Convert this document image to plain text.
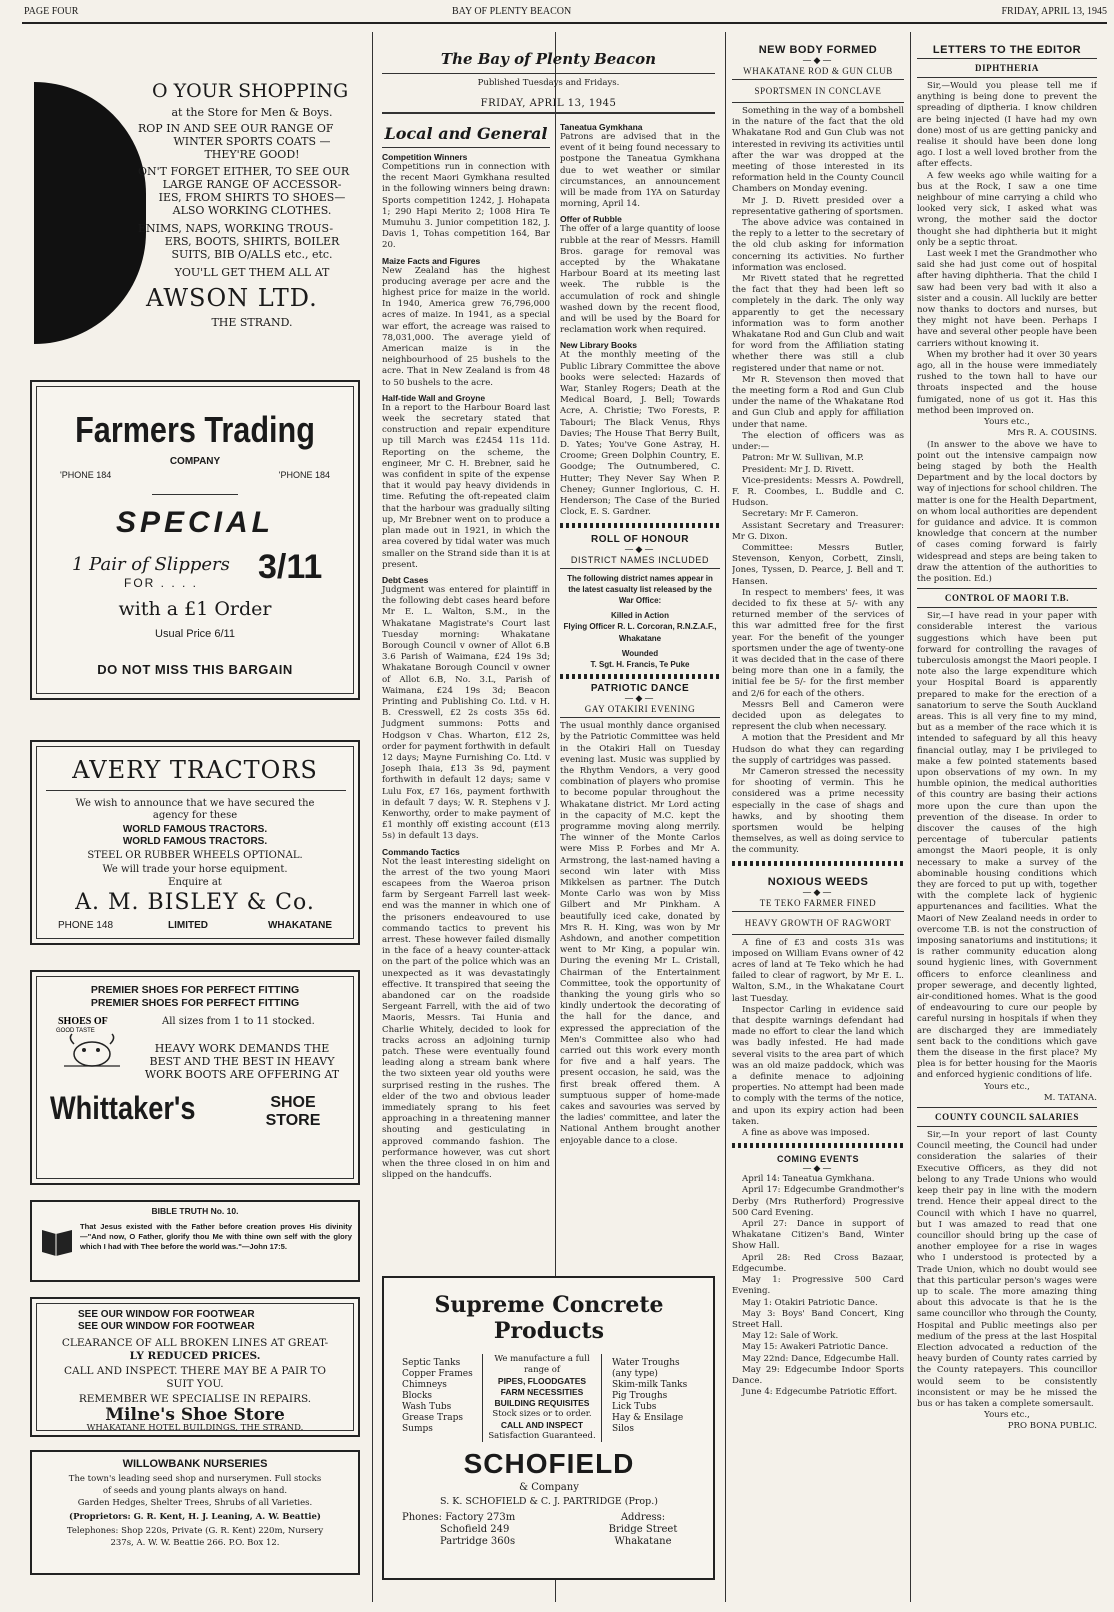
PAGE FOUR	BAY OF PLENTY BEACON	FRIDAY, APRIL 13, 1945
O YOUR SHOPPING
at the Store for Men & Boys.
ROP IN AND SEE OUR RANGE OF
WINTER SPORTS COATS —
THEY'RE GOOD!
ON'T FORGET EITHER, TO SEE OUR
LARGE RANGE OF ACCESSOR-
IES, FROM SHIRTS TO SHOES—
ALSO WORKING CLOTHES.
ENIMS, NAPS, WORKING TROUS-
ERS, BOOTS, SHIRTS, BOILER
SUITS, BIB O/ALLS etc., etc.
YOU'LL GET THEM ALL AT
AWSON LTD.
THE STRAND.
Farmers Trading
COMPANY
'PHONE 184	'PHONE 184
SPECIAL
1 Pair of Slippers
FOR . . . . 3/11
with a £1 Order
Usual Price 6/11
DO NOT MISS THIS BARGAIN
AVERY TRACTORS
We wish to announce that we have secured the
agency for these
WORLD FAMOUS TRACTORS.
WORLD FAMOUS TRACTORS.
STEEL OR RUBBER WHEELS OPTIONAL.
We will trade your horse equipment.
Enquire at
A. M. BISLEY & Co.
PHONE 148	LIMITED	WHAKATANE
PREMIER SHOES FOR PERFECT FITTING
PREMIER SHOES FOR PERFECT FITTING
SHOES OF
GOOD TASTE
All sizes from 1 to 11 stocked.
HEAVY WORK DEMANDS THE
BEST AND THE BEST IN HEAVY
WORK BOOTS ARE OFFERING AT
Whittaker's	SHOE
STORE
BIBLE TRUTH No. 10.
That Jesus existed with the Father before creation proves His divinity—"And now, O Father, glorify thou Me with thine own self with the glory which I had with Thee before the world was."—John 17:5.
SEE OUR WINDOW FOR FOOTWEAR
SEE OUR WINDOW FOR FOOTWEAR
CLEARANCE OF ALL BROKEN LINES AT GREAT-
LY REDUCED PRICES.
CALL AND INSPECT. THERE MAY BE A PAIR TO
SUIT YOU.
REMEMBER WE SPECIALISE IN REPAIRS.
Milne's Shoe Store
WHAKATANE HOTEL BUILDINGS, THE STRAND.
WILLOWBANK NURSERIES
The town's leading seed shop and nurserymen. Full stocks
of seeds and young plants always on hand.
Garden Hedges, Shelter Trees, Shrubs of all Varieties.
(Proprietors: G. R. Kent, H. J. Leaning, A. W. Beattie)
Telephones: Shop 220s, Private (G. R. Kent) 220m, Nursery
237s, A. W. W. Beattie 266. P.O. Box 12.
The Bay of Plenty Beacon
Published Tuesdays and Fridays.
FRIDAY, APRIL 13, 1945
Local and General
Competition Winners
Competitions run in connection with the recent Maori Gymkhana resulted in the following winners being drawn: Sports competition 1242, J. Hohapata 1; 290 Hapi Merito 2; 1008 Hira Te Mumuhu 3. Junior competition 182, J. Davis 1, Tohas competition 164, Bar 20.
Maize Facts and Figures
New Zealand has the highest producing average per acre and the highest price for maize in the world. In 1940, America grew 76,796,000 acres of maize. In 1941, as a special war effort, the acreage was raised to 78,031,000. The average yield of American maize is in the neighbourhood of 25 bushels to the acre. That in New Zealand is from 48 to 50 bushels to the acre.
Half-tide Wall and Groyne
In a report to the Harbour Board last week the secretary stated that construction and repair expenditure up till March was £2454 11s 11d. Reporting on the scheme, the engineer, Mr C. H. Brebner, said he was confident in spite of the expense that it would pay heavy dividends in time. Refuting the oft-repeated claim that the harbour was gradually silting up, Mr Brebner went on to produce a plan made out in 1921, in which the area covered by tidal water was much smaller on the Strand side than it is at present.
Debt Cases
Judgment was entered for plaintiff in the following debt cases heard before Mr E. L. Walton, S.M., in the Whakatane Magistrate's Court last Tuesday morning: Whakatane Borough Council v owner of Allot 6.B 3.6 Parish of Waimana, £24 19s 3d; Whakatane Borough Council v owner of Allot 6.B, No. 3.L, Parish of Waimana, £24 19s 3d; Beacon Printing and Publishing Co. Ltd. v H. B. Cresswell, £2 2s costs 35s 6d. Judgment summons: Potts and Hodgson v Chas. Wharton, £12 2s, order for payment forthwith in default 12 days; Mayne Furnishing Co. Ltd. v Joseph Ihaia, £13 3s 9d, payment forthwith in default 12 days; same v Lulu Fox, £7 16s, payment forthwith in default 7 days; W. R. Stephens v J. Kenworthy, order to make payment of £1 monthly off existing account (£13 5s) in default 13 days.
Commando Tactics
Not the least interesting sidelight on the arrest of the two young Maori escapees from the Waeroa prison farm by Sergeant Farrell last week-end was the manner in which one of the prisoners endeavoured to use commando tactics to prevent his arrest. These however failed dismally in the face of a heavy counter-attack on the part of the police which was an unexpected as it was devastatingly effective. It transpired that seeing the abandoned car on the roadside Sergeant Farrell, with the aid of two Maoris, Messrs. Tai Hunia and Charlie Whitely, decided to look for tracks across an adjoining turnip patch. These were eventually found leading along a stream bank where the two sixteen year old youths were surprised resting in the rushes. The elder of the two and obvious leader immediately sprang to his feet approaching in a threatening manner shouting and gesticulating in approved commando fashion. The performance however, was cut short when the three closed in on him and slipped on the handcuffs.
Taneatua Gymkhana
Patrons are advised that in the event of it being found necessary to postpone the Taneatua Gymkhana due to wet weather or similar circumstances, an announcement will be made from 1YA on Saturday morning, April 14.
Offer of Rubble
The offer of a large quantity of loose rubble at the rear of Messrs. Hamill Bros. garage for removal was accepted by the Whakatane Harbour Board at its meeting last week. The rubble is the accumulation of rock and shingle washed down by the recent flood, and will be used by the Board for reclamation work when required.
New Library Books
At the monthly meeting of the Public Library Committee the above books were selected: Hazards of War, Stanley Rogers; Death at the Medical Board, J. Bell; Towards Acre, A. Christie; Two Forests, P. Tabouri; The Black Venus, Rhys Davies; The House That Berry Built, D. Yates; You've Gone Astray, H. Croome; Green Dolphin Country, E. Goodge; The Outnumbered, C. Hutter; They Never Say When P. Cheney; Gunner Inglorious, C. H. Henderson; The Case of the Buried Clock, E. S. Gardner.
ROLL OF HONOUR
—◆—
DISTRICT NAMES INCLUDED
The following district names appear in the latest casualty list released by the War Office:
Killed in Action
Flying Officer R. L. Corcoran, R.N.Z.A.F., Whakatane
Wounded
T. Sgt. H. Francis, Te Puke
PATRIOTIC DANCE
—◆—
GAY OTAKIRI EVENING
The usual monthly dance organised by the Patriotic Committee was held in the Otakiri Hall on Tuesday evening last. Music was supplied by the Rhythm Vendors, a very good combination of players who promise to become popular throughout the Whakatane district. Mr Lord acting in the capacity of M.C. kept the programme moving along merrily. The winner of the Monte Carlos were Miss P. Forbes and Mr A. Armstrong, the last-named having a second win later with Miss Mikkelsen as partner. The Dutch Monte Carlo was won by Miss Gilbert and Mr Pinkham. A beautifully iced cake, donated by Mrs R. H. King, was won by Mr Ashdown, and another competition went to Mr King, a popular win. During the evening Mr L. Cristall, Chairman of the Entertainment Committee, took the opportunity of thanking the young girls who so kindly undertook the decorating of the hall for the dance, and expressed the appreciation of the Men's Committee also who had carried out this work every month for five and a half years. The present occasion, he said, was the first break offered them. A sumptuous supper of home-made cakes and savouries was served by the ladies' committee, and later the National Anthem brought another enjoyable dance to a close.
Supreme Concrete
Products
Septic Tanks
Copper Frames
Chimneys
Blocks
Wash Tubs
Grease Traps
Sumps
We manufacture a full
range of
PIPES, FLOODGATES
FARM NECESSITIES
BUILDING REQUISITES
Stock sizes or to order.
CALL AND INSPECT
Satisfaction Guaranteed.
Water Troughs
(any type)
Skim-milk Tanks
Pig Troughs
Lick Tubs
Hay & Ensilage
Silos
SCHOFIELD
& Company
S. K. SCHOFIELD & C. J. PARTRIDGE (Prop.)
Phones: Factory 273m
Schofield 249
Partridge 360s
Address:
Bridge Street
Whakatane
NEW BODY FORMED
—◆—
WHAKATANE ROD & GUN CLUB
SPORTSMEN IN CONCLAVE
Something in the way of a bombshell in the nature of the fact that the old Whakatane Rod and Gun Club was not interested in reviving its activities until after the war was dropped at the meeting of those interested in its reformation held in the County Council Chambers on Monday evening.
Mr J. D. Rivett presided over a representative gathering of sportsmen.
The above advice was contained in the reply to a letter to the secretary of the old club asking for information concerning its activities. No further information was enclosed.
Mr Rivett stated that he regretted the fact that they had been left so completely in the dark. The only way apparently to get the necessary information was to form another Whakatane Rod and Gun Club and wait for word from the Affiliation stating whether there was still a club registered under that name or not.
Mr R. Stevenson then moved that the meeting form a Rod and Gun Club under the name of the Whakatane Rod and Gun Club and apply for affiliation under that name.
The election of officers was as under:—
Patron: Mr W. Sullivan, M.P.
President: Mr J. D. Rivett.
Vice-presidents: Messrs A. Powdrell, F. R. Coombes, L. Buddle and C. Hudson.
Secretary: Mr F. Cameron.
Assistant Secretary and Treasurer: Mr G. Dixon.
Committee: Messrs Butler, Stevenson, Kenyon, Corbett, Zinsli, Jones, Tyssen, D. Pearce, J. Bell and T. Hansen.
In respect to members' fees, it was decided to fix these at 5/- with any returned member of the services of this war admitted free for the first year. For the benefit of the younger sportsmen under the age of twenty-one it was decided that in the case of there being more than one in a family, the initial fee be 5/- for the first member and 2/6 for each of the others.
Messrs Bell and Cameron were decided upon as delegates to represent the club when necessary.
A motion that the President and Mr Hudson do what they can regarding the supply of cartridges was passed.
Mr Cameron stressed the necessity for shooting of vermin. This he considered was a prime necessity especially in the case of shags and hawks, and by shooting them sportsmen would be helping themselves, as well as doing service to the community.
NOXIOUS WEEDS
—◆—
TE TEKO FARMER FINED
HEAVY GROWTH OF RAGWORT
A fine of £3 and costs 31s was imposed on William Evans owner of 42 acres of land at Te Teko which he had failed to clear of ragwort, by Mr E. L. Walton, S.M., in the Whakatane Court last Tuesday.
Inspector Carling in evidence said that despite warnings defendant had made no effort to clear the land which was badly infested. He had made several visits to the area part of which was an old maize paddock, which was a definite menace to adjoining properties. No attempt had been made to comply with the terms of the notice, and upon its expiry action had been taken.
A fine as above was imposed.
COMING EVENTS
—◆—
April 14: Taneatua Gymkhana.
April 17: Edgecumbe Grandmother's Derby (Mrs Rutherford) Progressive 500 Card Evening.
April 27: Dance in support of Whakatane Citizen's Band, Winter Show Hall.
April 28: Red Cross Bazaar, Edgecumbe.
May 1: Progressive 500 Card Evening.
May 1: Otakiri Patriotic Dance.
May 3: Boys' Band Concert, King Street Hall.
May 12: Sale of Work.
May 15: Awakeri Patriotic Dance.
May 22nd: Dance, Edgecumbe Hall.
May 29: Edgecumbe Indoor Sports Dance.
June 4: Edgecumbe Patriotic Effort.
LETTERS TO THE EDITOR
DIPHTHERIA
Sir,—Would you please tell me if anything is being done to prevent the spreading of diptheria. I know children are being injected (I have had my own done) most of us are getting panicky and realise it should have been done long ago. I lost a well loved brother from the after effects.
A few weeks ago while waiting for a bus at the Rock, I saw a one time neighbour of mine carrying a child who looked very sick, I asked what was wrong, the mother said the doctor thought she had diphtheria but it might only be a septic throat.
Last week I met the Grandmother who said she had just come out of hospital after having diphtheria. That the child I saw had been very bad with it also a sister and a cousin. All luckily are better now thanks to doctors and nurses, but they might not have been. Perhaps I have and several other people have been carriers without knowing it.
When my brother had it over 30 years ago, all in the house were immediately rushed to the town hall to have our throats inspected and the house fumigated, none of us got it. Has this method been improved on.
Yours etc.,
Mrs R. A. COUSINS.
(In answer to the above we have to point out the intensive campaign now being staged by both the Health Department and by the local doctors by way of injections for school children. The matter is one for the Health Department, on whom local authorities are dependent for guidance and advice. It is common knowledge that concern at the number of cases coming forward is fairly widespread and steps are being taken to draw the attention of the authorities to the position. Ed.)
CONTROL OF MAORI T.B.
Sir,—I have read in your paper with considerable interest the various suggestions which have been put forward for controlling the ravages of tuberculosis amongst the Maori people. I note also the large expenditure which your Hospital Board is apparently prepared to make for the erection of a sanatorium to serve the South Auckland areas. This is all very fine to my mind, but as a member of the race which it is intended to safeguard by all this heavy financial outlay, may I be privileged to make a few pointed statements based upon observations of my own. In my humble opinion, the medical authorities of this country are basing their actions more upon the cure than upon the prevention of the disease. In order to discover the causes of the high percentage of tubercular patients amongst the Maori people, it is only necessary to make a survey of the abominable housing conditions which they are forced to put up with, together with the complete lack of hygienic appurtenances and facilities. What the Maori of New Zealand needs in order to overcome T.B. is not the construction of imposing sanatoriums and institutions; it is rather community education along sound hygienic lines, with Government officers to enforce cleanliness and proper sewerage, and decently lighted, air-conditioned homes. What is the good of endeavouring to cure our people by careful nursing in hospitals if when they are discharged they are immediately sent back to the conditions which gave them the disease in the first place? My plea is for better housing for the Maoris and enforced hygienic conditions of life.
Yours etc.,
M. TATANA.
COUNTY COUNCIL SALARIES
Sir,—In your report of last County Council meeting, the Council had under consideration the salaries of their Executive Officers, as they did not belong to any Trade Unions who would keep their pay in line with the modern trend. Hence their appeal direct to the Council with which I have no quarrel, but I was amazed to read that one councillor should bring up the case of another employee for a rise in wages who I understood is protected by a Trade Union, which no doubt would see that this particular person's wages were up to scale. The more amazing thing about this advocate is that he is the same councillor who through the County, Hospital and Public meetings also per medium of the press at the last Hospital Election advocated a reduction of the heavy burden of County rates carried by the County ratepayers. This councillor would seem to be consistently inconsistent or may be he missed the bus or has taken a complete somersault.
Yours etc.,
PRO BONA PUBLIC.
